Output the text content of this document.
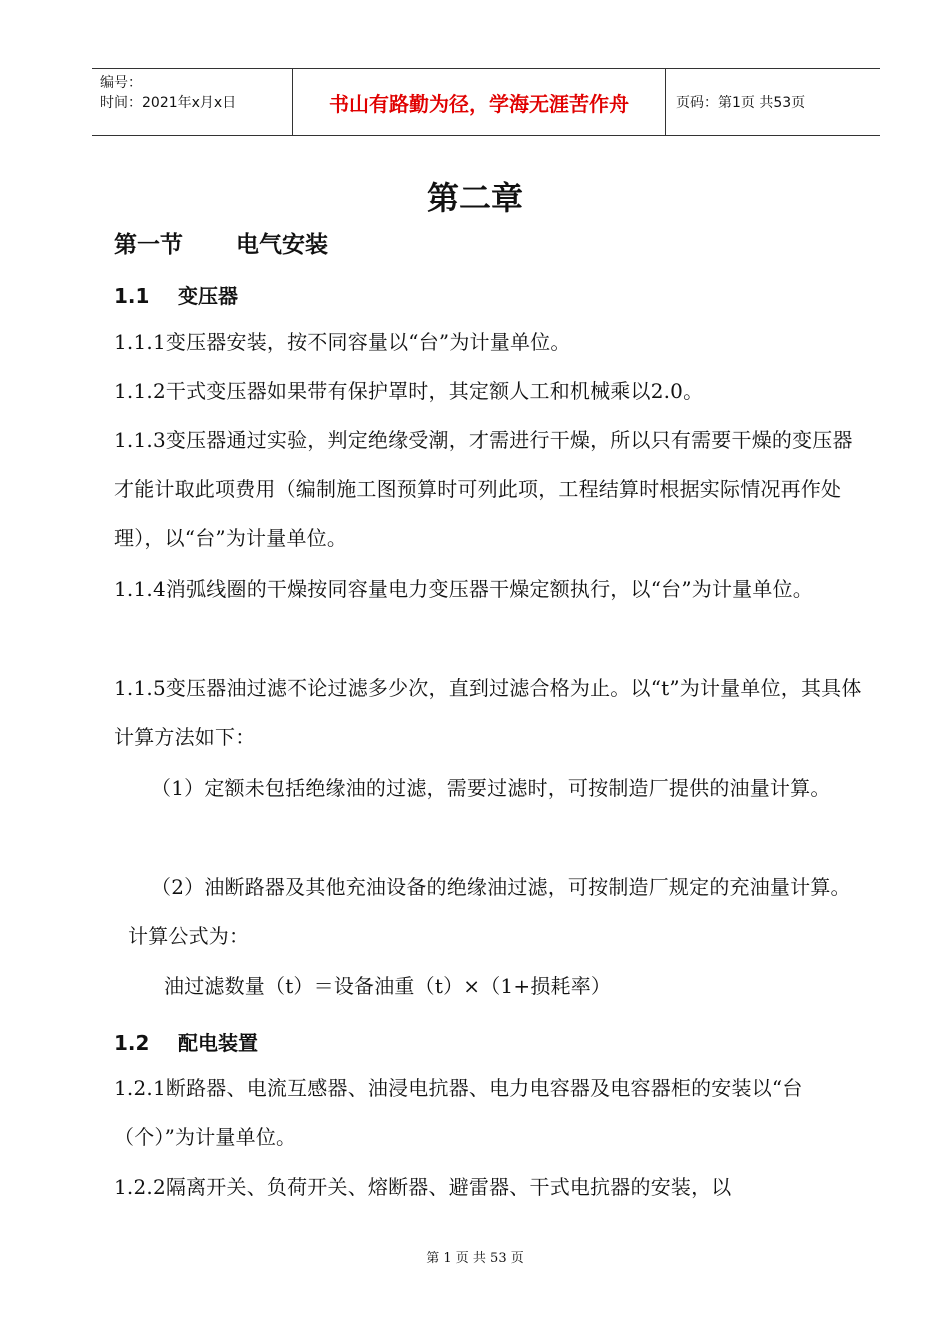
编号：
时间：2021年x月x日	书山有路勤为径，学海无涯苦作舟	页码：第1页 共53页
第二章
第一节 电气安装
1.1 变压器
1.1.1变压器安装，按不同容量以“台”为计量单位。
1.1.2干式变压器如果带有保护罩时，其定额人工和机械乘以2.0。
1.1.3变压器通过实验，判定绝缘受潮，才需进行干燥，所以只有需要干燥的变压器才能计取此项费用（编制施工图预算时可列此项，工程结算时根据实际情况再作处理），以“台”为计量单位。
1.1.4消弧线圈的干燥按同容量电力变压器干燥定额执行，以“台”为计量单位。
1.1.5变压器油过滤不论过滤多少次，直到过滤合格为止。以“t”为计量单位，其具体计算方法如下：
（1）定额未包括绝缘油的过滤，需要过滤时，可按制造厂提供的油量计算。
（2）油断路器及其他充油设备的绝缘油过滤，可按制造厂规定的充油量计算。计算公式为：
油过滤数量（t）＝设备油重（t）×（1+损耗率）
1.2 配电装置
1.2.1断路器、电流互感器、油浸电抗器、电力电容器及电容器柜的安装以“台（个）”为计量单位。
1.2.2隔离开关、负荷开关、熔断器、避雷器、干式电抗器的安装，以
第 1 页 共 53 页
